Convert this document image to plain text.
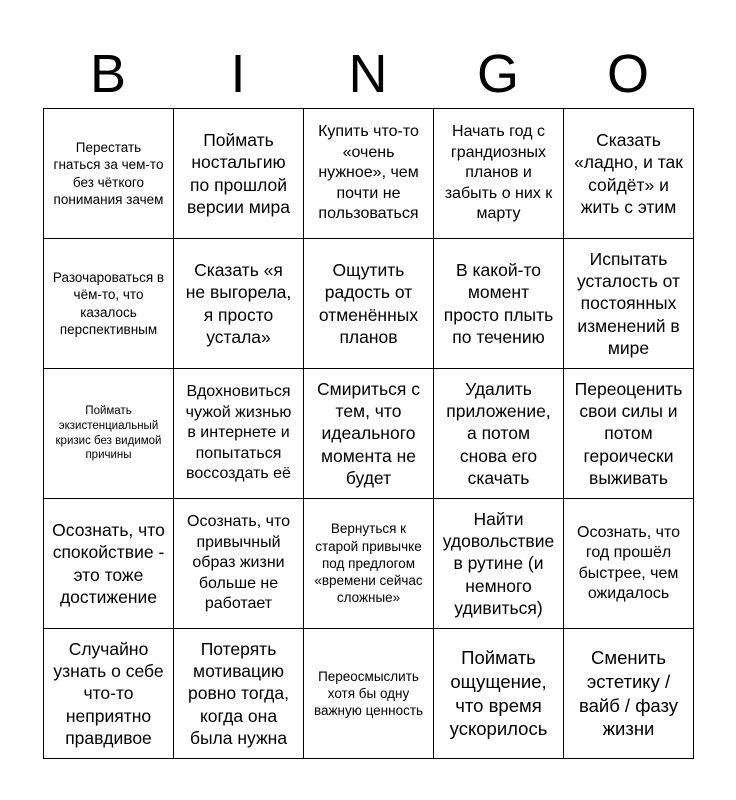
B	I	N	G	O
Перестать гнаться за чем-то без чёткого понимания зачем	Поймать ностальгию по прошлой версии мира	Купить что-то «очень нужное», чем почти не пользоваться	Начать год с грандиозных планов и забыть о них к марту	Сказать «ладно, и так сойдёт» и жить с этим
Разочароваться в чём-то, что казалось перспективным	Сказать «я не выгорела, я просто устала»	Ощутить радость от отменённых планов	В какой-то момент просто плыть по течению	Испытать усталость от постоянных изменений в мире
Поймать экзистенциальный кризис без видимой причины	Вдохновиться чужой жизнью в интернете и попытаться воссоздать её	Смириться с тем, что идеального момента не будет	Удалить приложение, а потом снова его скачать	Переоценить свои силы и потом героически выживать
Осознать, что спокойствие - это тоже достижение	Осознать, что привычный образ жизни больше не работает	Вернуться к старой привычке под предлогом «времени сейчас сложные»	Найти удовольствие в рутине (и немного удивиться)	Осознать, что год прошёл быстрее, чем ожидалось
Случайно узнать о себе что-то неприятно правдивое	Потерять мотивацию ровно тогда, когда она была нужна	Переосмыслить хотя бы одну важную ценность	Поймать ощущение, что время ускорилось	Сменить эстетику / вайб / фазу жизни
